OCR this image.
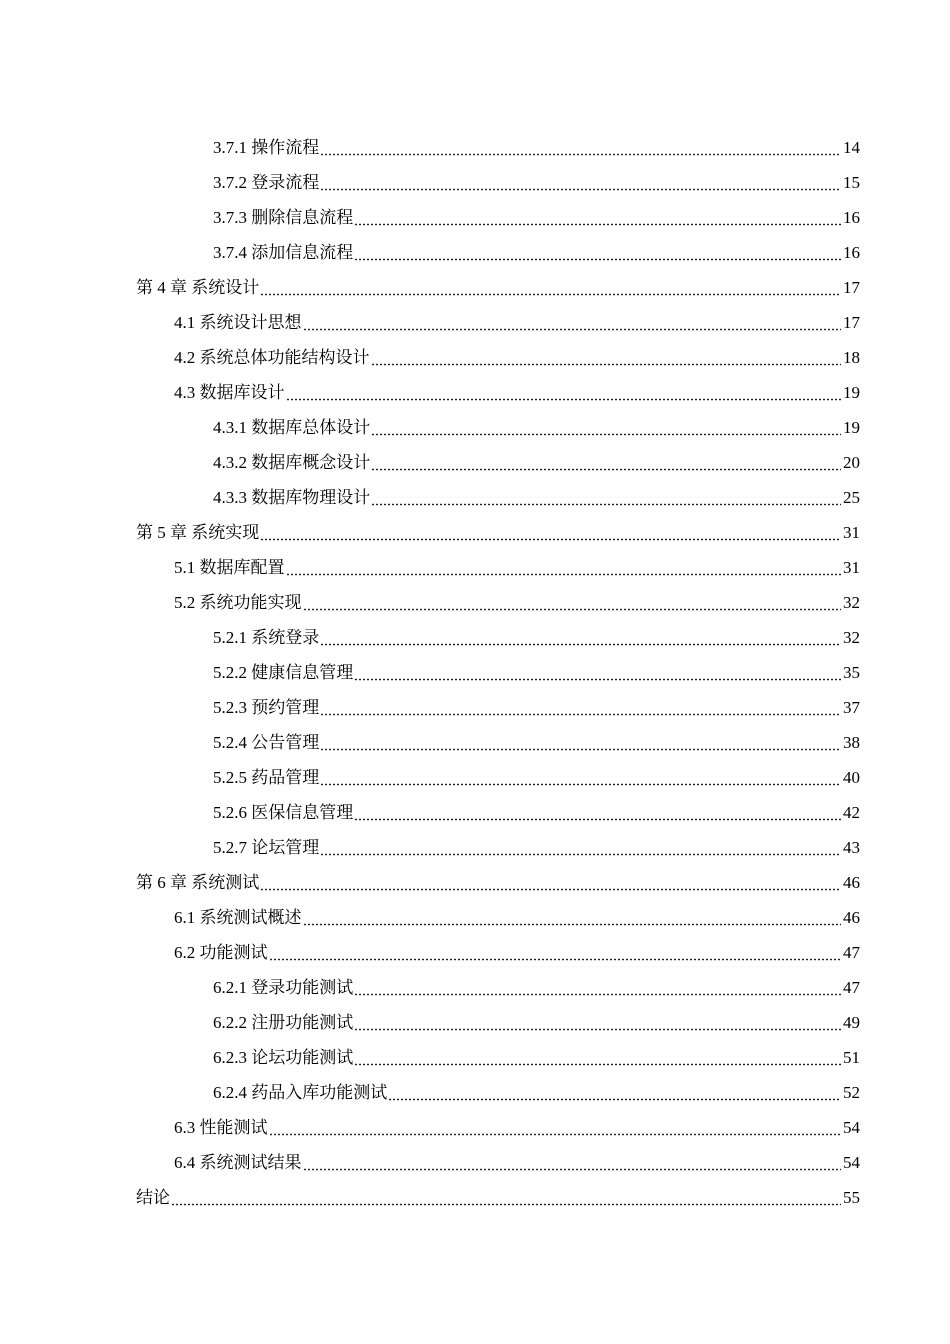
3.7.1 操作流程	14
3.7.2 登录流程	15
3.7.3 删除信息流程	16
3.7.4 添加信息流程	16
第 4 章 系统设计	17
4.1 系统设计思想	17
4.2 系统总体功能结构设计	18
4.3 数据库设计	19
4.3.1 数据库总体设计	19
4.3.2 数据库概念设计	20
4.3.3 数据库物理设计	25
第 5 章 系统实现	31
5.1 数据库配置	31
5.2 系统功能实现	32
5.2.1 系统登录	32
5.2.2 健康信息管理	35
5.2.3 预约管理	37
5.2.4 公告管理	38
5.2.5 药品管理	40
5.2.6 医保信息管理	42
5.2.7 论坛管理	43
第 6 章 系统测试	46
6.1 系统测试概述	46
6.2 功能测试	47
6.2.1 登录功能测试	47
6.2.2 注册功能测试	49
6.2.3 论坛功能测试	51
6.2.4 药品入库功能测试	52
6.3 性能测试	54
6.4 系统测试结果	54
结论	55
